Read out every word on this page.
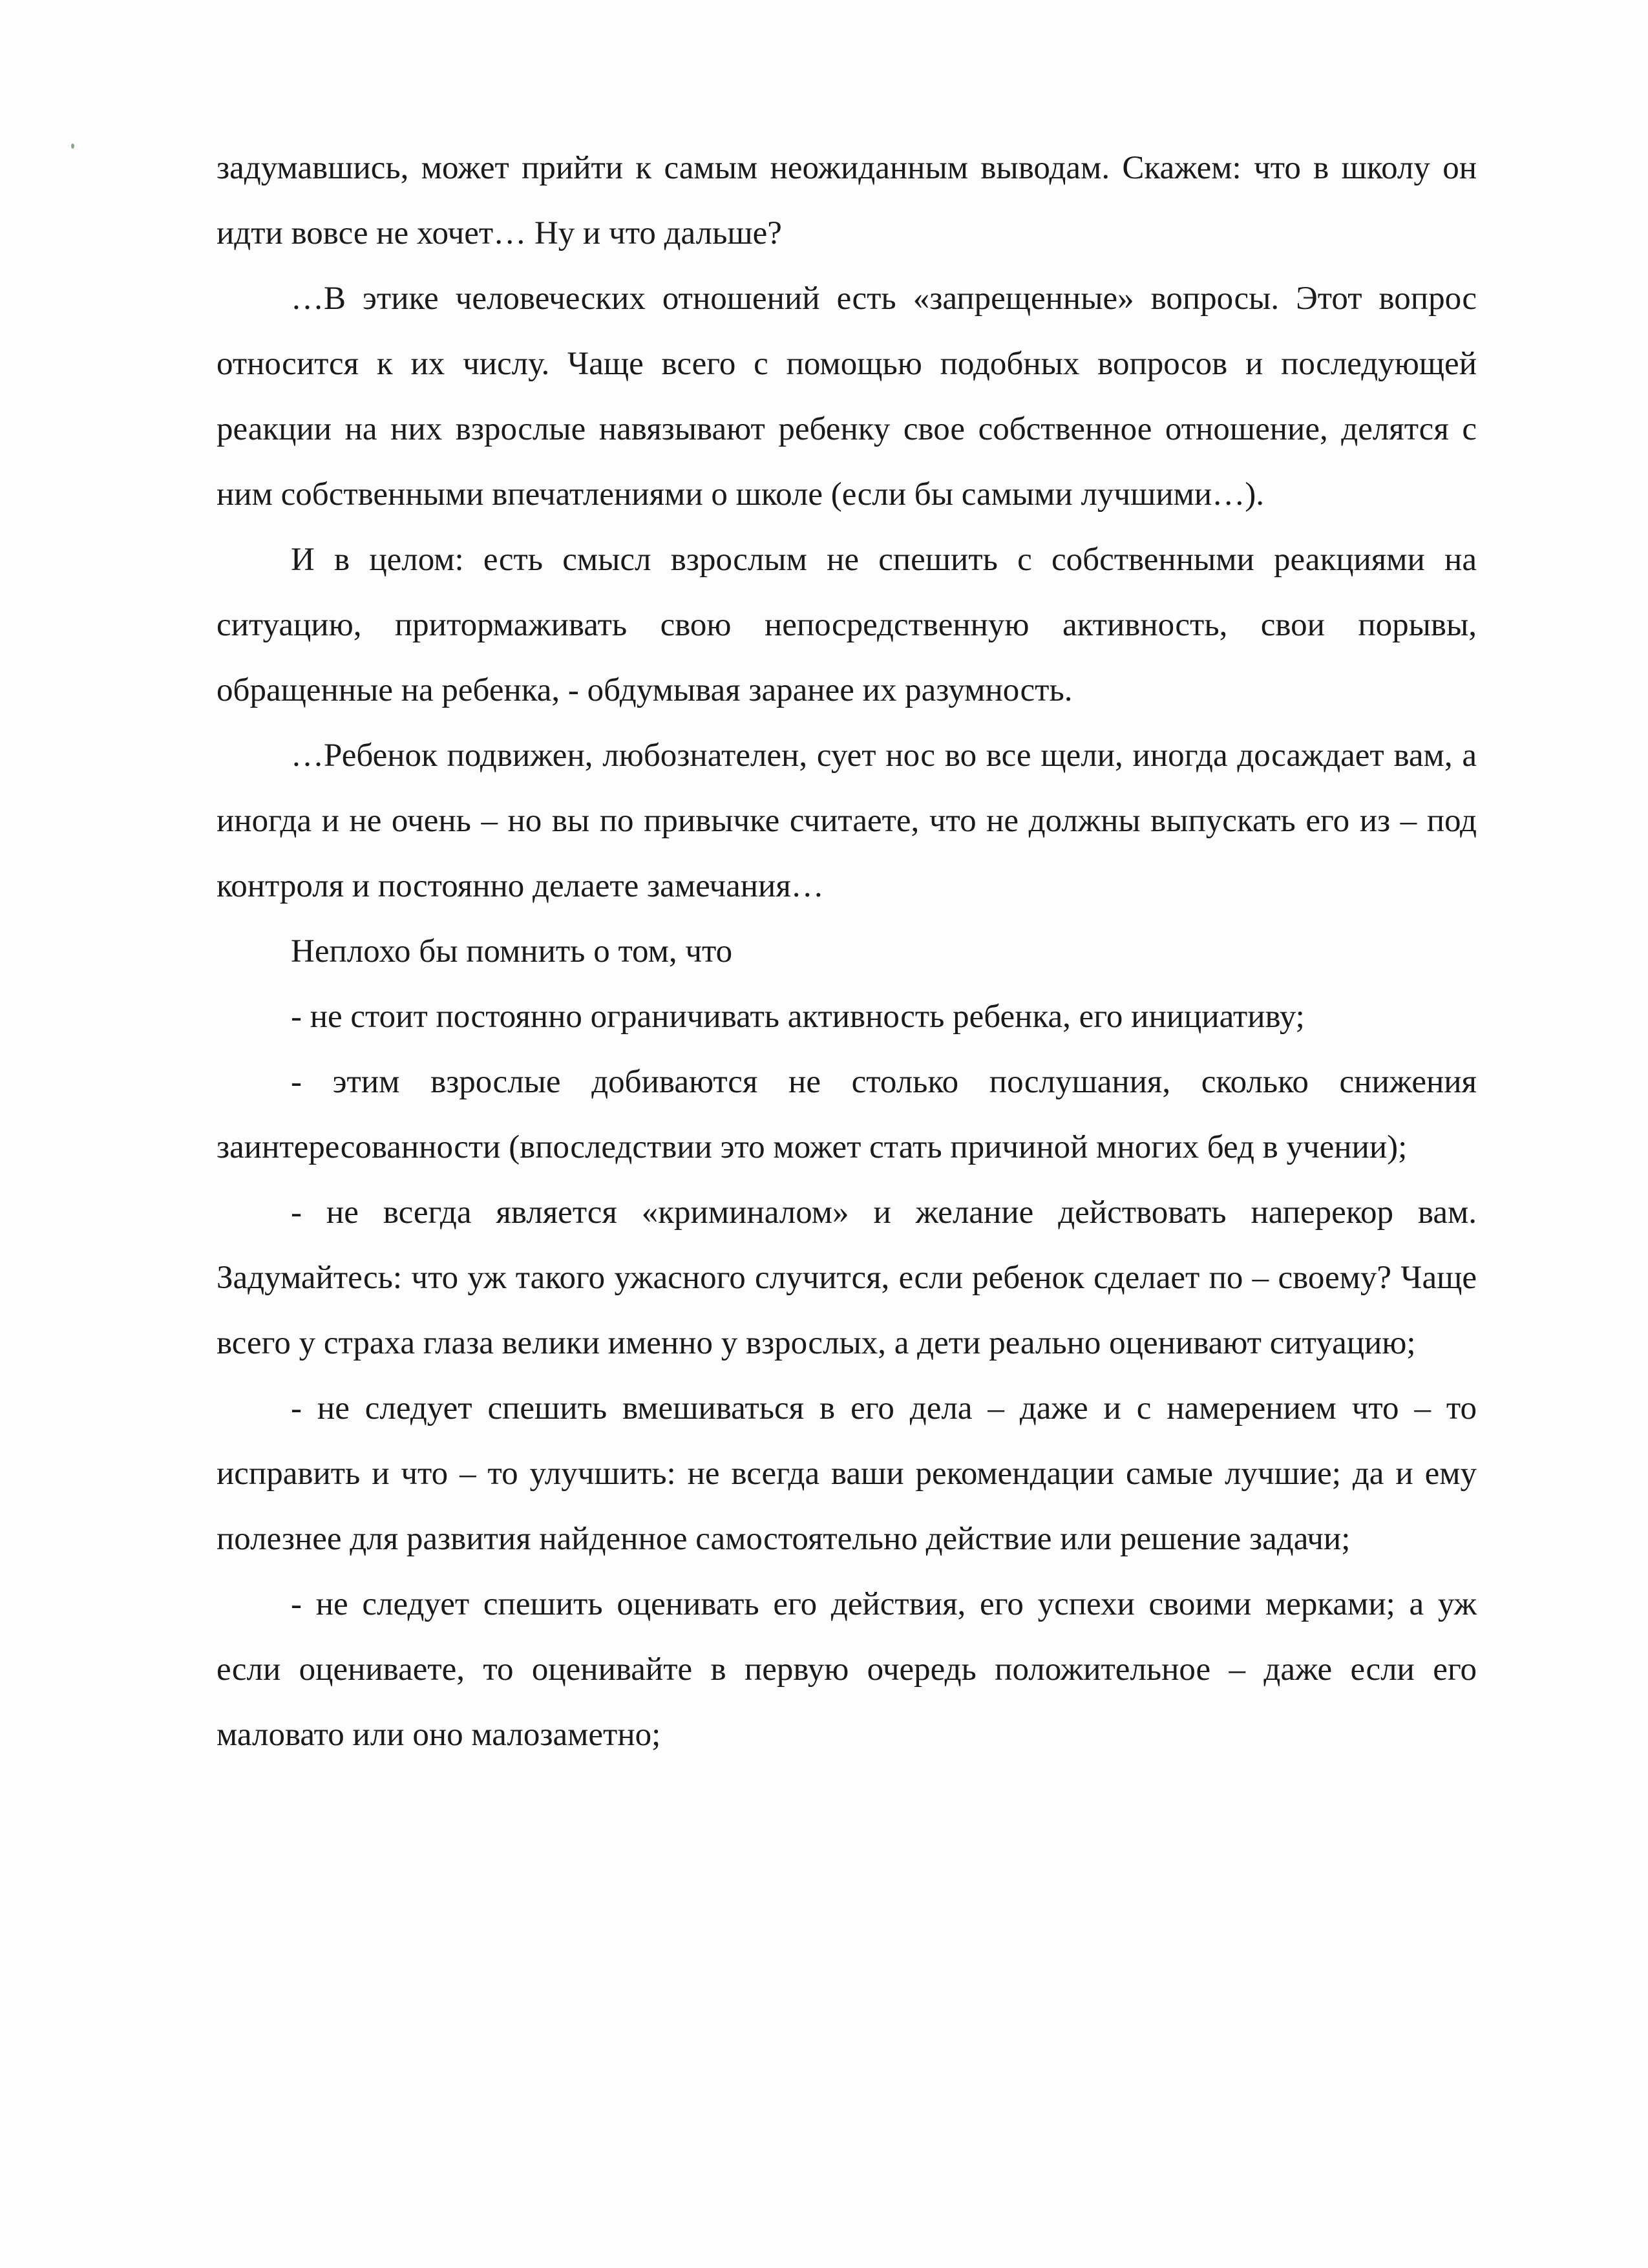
задумавшись, может прийти к самым неожиданным выводам. Скажем: что в школу он идти вовсе не хочет… Ну и что дальше?

…В этике человеческих отношений есть «запрещенные» вопросы. Этот вопрос относится к их числу. Чаще всего с помощью подобных вопросов и последующей реакции на них взрослые навязывают ребенку свое собственное отношение, делятся с ним собственными впечатлениями о школе (если бы самыми лучшими…).

И в целом: есть смысл взрослым не спешить с собственными реакциями на ситуацию, притормаживать свою непосредственную активность, свои порывы, обращенные на ребенка, - обдумывая заранее их разумность.

…Ребенок подвижен, любознателен, сует нос во все щели, иногда досаждает вам, а иногда и не очень – но вы по привычке считаете, что не должны выпускать его из – под контроля и постоянно делаете замечания…

Неплохо бы помнить о том, что

- не стоит постоянно ограничивать активность ребенка, его инициативу;

- этим взрослые добиваются не столько послушания, сколько снижения заинтересованности (впоследствии это может стать причиной многих бед в учении);

- не всегда является «криминалом» и желание действовать наперекор вам. Задумайтесь: что уж такого ужасного случится, если ребенок сделает по – своему? Чаще всего у страха глаза велики именно у взрослых, а дети реально оценивают ситуацию;

- не следует спешить вмешиваться в его дела – даже и с намерением что – то исправить и что – то улучшить: не всегда ваши рекомендации самые лучшие; да и ему полезнее для развития найденное самостоятельно действие или решение задачи;

- не следует спешить оценивать его действия, его успехи своими мерками; а уж если оцениваете, то оценивайте в первую очередь положительное – даже если его маловато или оно малозаметно;
